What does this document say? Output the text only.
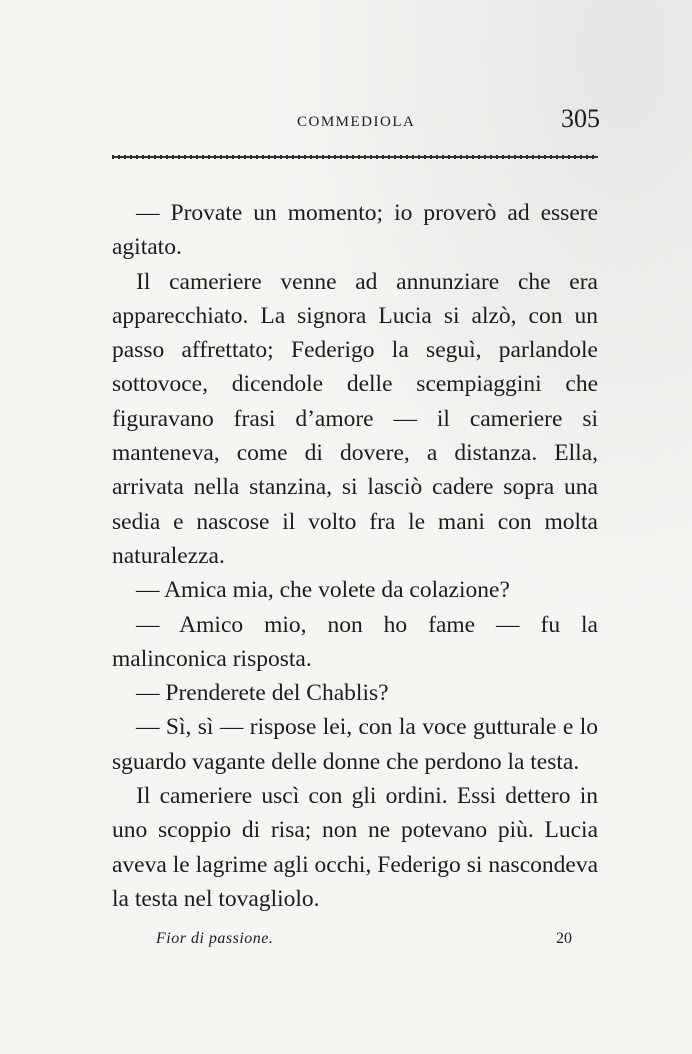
COMMEDIOLA	305

— Provate un momento; io proverò ad essere agitato.

Il cameriere venne ad annunziare che era apparecchiato. La signora Lucia si alzò, con un passo affrettato; Federigo la seguì, parlandole sottovoce, dicendole delle scempiaggini che figuravano frasi d’amore — il cameriere si manteneva, come di dovere, a distanza. Ella, arrivata nella stanzina, si lasciò cadere sopra una sedia e nascose il volto fra le mani con molta naturalezza.

— Amica mia, che volete da colazione?

— Amico mio, non ho fame — fu la malinconica risposta.

— Prenderete del Chablis?

— Sì, sì — rispose lei, con la voce gutturale e lo sguardo vagante delle donne che perdono la testa.

Il cameriere uscì con gli ordini. Essi dettero in uno scoppio di risa; non ne potevano più. Lucia aveva le lagrime agli occhi, Federigo si nascondeva la testa nel tovagliolo.

Fior di passione.	20
